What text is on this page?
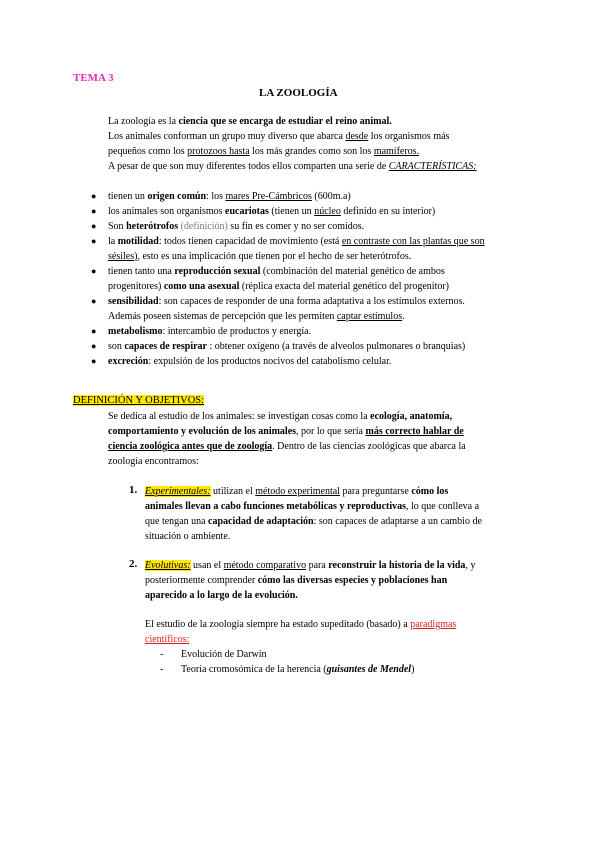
TEMA 3
LA ZOOLOGÍA
La zoología es la ciencia que se encarga de estudiar el reino animal.
Los animales conforman un grupo muy diverso que abarca desde los organismos más
pequeños como los protozoos hasta los más grandes como son los mamíferos.
A pesar de que son muy diferentes todos ellos comparten una serie de CARACTERÍSTICAS:
● tienen un origen común: los mares Pre-Cámbricos (600m.a)
● los animales son organismos eucariotas (tienen un núcleo definido en su interior)
● Son heterótrofos (definición) su fin es comer y no ser comidos.
● la motilidad: todos tienen capacidad de movimiento (está en contraste con las plantas que son
sésiles), esto es una implicación que tienen por el hecho de ser heterótrofos.
● tienen tanto una reproducción sexual (combinación del material genético de ambos
progenitores) como una asexual (réplica exacta del material genético del progenitor)
● sensibilidad: son capaces de responder de una forma adaptativa a los estímulos externos.
Además poseen sistemas de percepción que les permiten captar estímulos.
● metabolismo: intercambio de productos y energía.
● son capaces de respirar : obtener oxígeno (a través de alveolos pulmonares o branquias)
● excreción: expulsión de los productos nocivos del catabolismo celular.
DEFINICIÓN Y OBJETIVOS:
Se dedica al estudio de los animales: se investigan cosas como la ecología, anatomía,
comportamiento y evolución de los animales, por lo que sería más correcto hablar de
ciencia zoológica antes que de zoología. Dentro de las ciencias zoológicas que abarca la
zoología encontramos:
1. Experimentales: utilizan el método experimental para preguntarse cómo los
animales llevan a cabo funciones metabólicas y reproductivas, lo que conlleva a
que tengan una capacidad de adaptación: son capaces de adaptarse a un cambio de
situación o ambiente.
2. Evolutivas: usan el método comparativo para reconstruir la historia de la vida, y
posteriormente comprender cómo las diversas especies y poblaciones han
aparecido a lo largo de la evolución.
El estudio de la zoología siempre ha estado supeditado (basado) a paradigmas
científicos:
- Evolución de Darwin
- Teoría cromosómica de la herencia (guisantes de Mendel)
